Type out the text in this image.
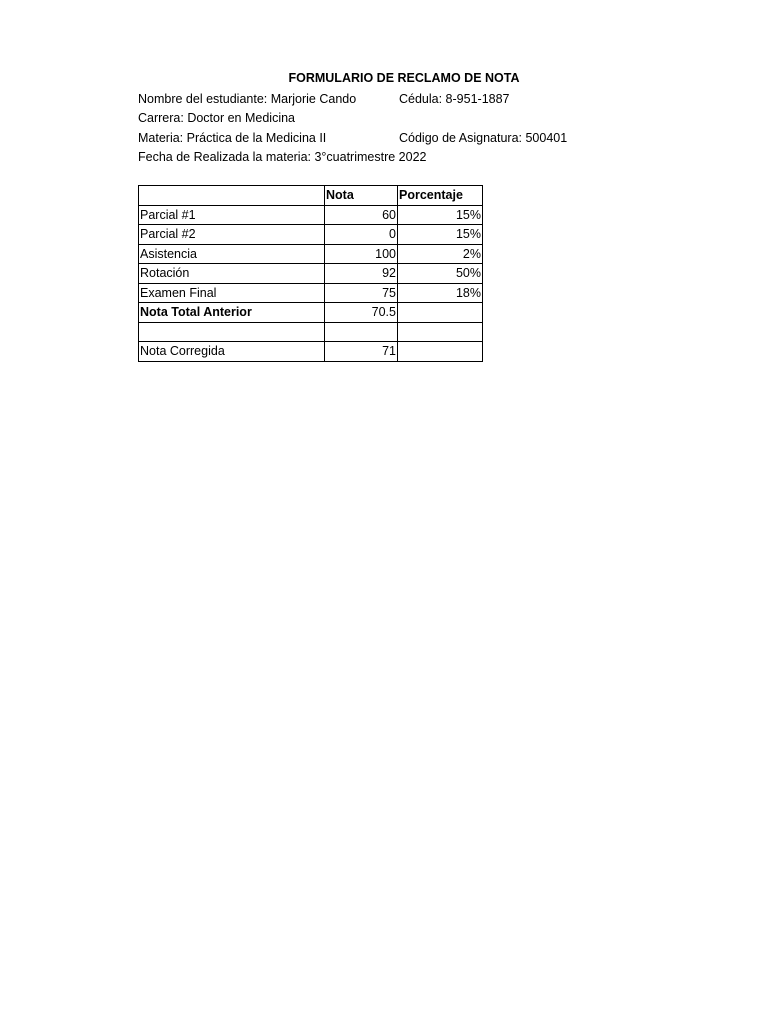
FORMULARIO DE RECLAMO DE NOTA
Nombre del estudiante: Marjorie Cando	Cédula: 8-951-1887
Carrera: Doctor en Medicina
Materia: Práctica de la Medicina II	Código de Asignatura: 500401
Fecha de Realizada la materia: 3°cuatrimestre 2022
	Nota	Porcentaje
Parcial #1	60	15%
Parcial #2	0	15%
Asistencia	100	2%
Rotación	92	50%
Examen Final	75	18%
Nota Total Anterior	70.5	

Nota Corregida	71	
